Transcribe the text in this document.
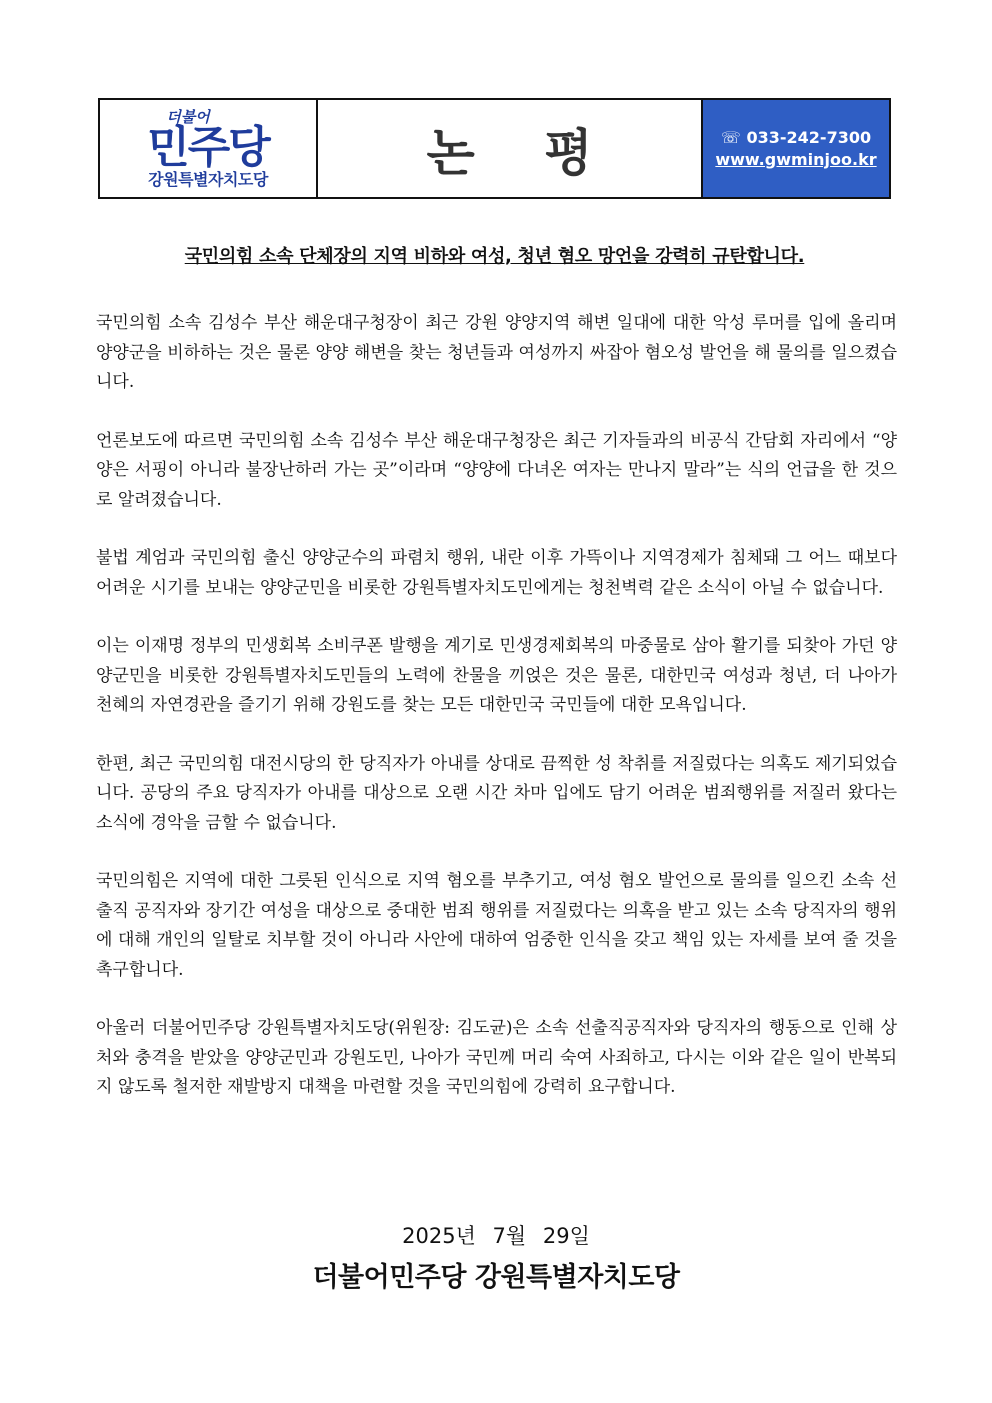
더불어
민주당
강원특별자치도당	논 평	☏ 033-242-7300
www.gwminjoo.kr
국민의힘 소속 단체장의 지역 비하와 여성, 청년 혐오 망언을 강력히 규탄합니다.

국민의힘 소속 김성수 부산 해운대구청장이 최근 강원 양양지역 해변 일대에 대한 악성 루머를 입에 올리며 양양군을 비하하는 것은 물론 양양 해변을 찾는 청년들과 여성까지 싸잡아 혐오성 발언을 해 물의를 일으켰습니다.

언론보도에 따르면 국민의힘 소속 김성수 부산 해운대구청장은 최근 기자들과의 비공식 간담회 자리에서 “양양은 서핑이 아니라 불장난하러 가는 곳”이라며 “양양에 다녀온 여자는 만나지 말라”는 식의 언급을 한 것으로 알려졌습니다.

불법 계엄과 국민의힘 출신 양양군수의 파렴치 행위, 내란 이후 가뜩이나 지역경제가 침체돼 그 어느 때보다 어려운 시기를 보내는 양양군민을 비롯한 강원특별자치도민에게는 청천벽력 같은 소식이 아닐 수 없습니다.

이는 이재명 정부의 민생회복 소비쿠폰 발행을 계기로 민생경제회복의 마중물로 삼아 활기를 되찾아 가던 양양군민을 비롯한 강원특별자치도민들의 노력에 찬물을 끼얹은 것은 물론, 대한민국 여성과 청년, 더 나아가 천혜의 자연경관을 즐기기 위해 강원도를 찾는 모든 대한민국 국민들에 대한 모욕입니다.

한편, 최근 국민의힘 대전시당의 한 당직자가 아내를 상대로 끔찍한 성 착취를 저질렀다는 의혹도 제기되었습니다. 공당의 주요 당직자가 아내를 대상으로 오랜 시간 차마 입에도 담기 어려운 범죄행위를 저질러 왔다는 소식에 경악을 금할 수 없습니다.

국민의힘은 지역에 대한 그릇된 인식으로 지역 혐오를 부추기고, 여성 혐오 발언으로 물의를 일으킨 소속 선출직 공직자와 장기간 여성을 대상으로 중대한 범죄 행위를 저질렀다는 의혹을 받고 있는 소속 당직자의 행위에 대해 개인의 일탈로 치부할 것이 아니라 사안에 대하여 엄중한 인식을 갖고 책임 있는 자세를 보여 줄 것을 촉구합니다.

아울러 더불어민주당 강원특별자치도당(위원장: 김도균)은 소속 선출직공직자와 당직자의 행동으로 인해 상처와 충격을 받았을 양양군민과 강원도민, 나아가 국민께 머리 숙여 사죄하고, 다시는 이와 같은 일이 반복되지 않도록 철저한 재발방지 대책을 마련할 것을 국민의힘에 강력히 요구합니다.

2025년 7월 29일
더불어민주당 강원특별자치도당
